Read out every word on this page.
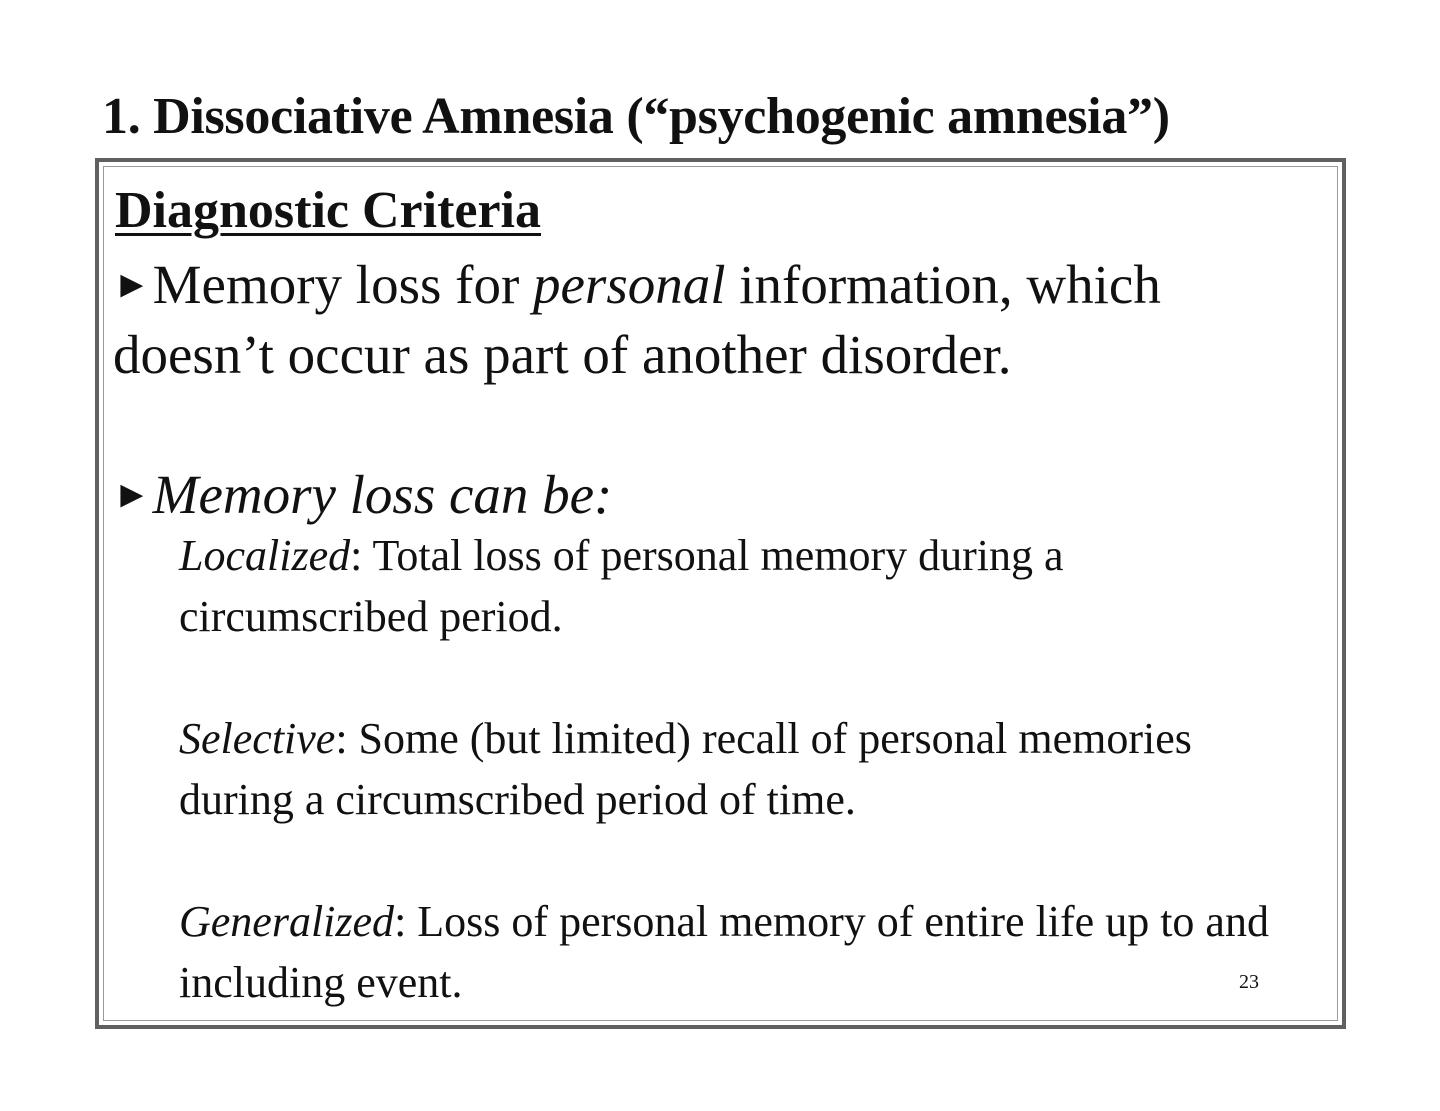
1. Dissociative Amnesia (“psychogenic amnesia”)
Diagnostic Criteria
►Memory loss for personal information, which doesn’t occur as part of another disorder.
►Memory loss can be:
Localized: Total loss of personal memory during a circumscribed period.
Selective: Some (but limited) recall of personal memories during a circumscribed period of time.
Generalized: Loss of personal memory of entire life up to and including event.	23
